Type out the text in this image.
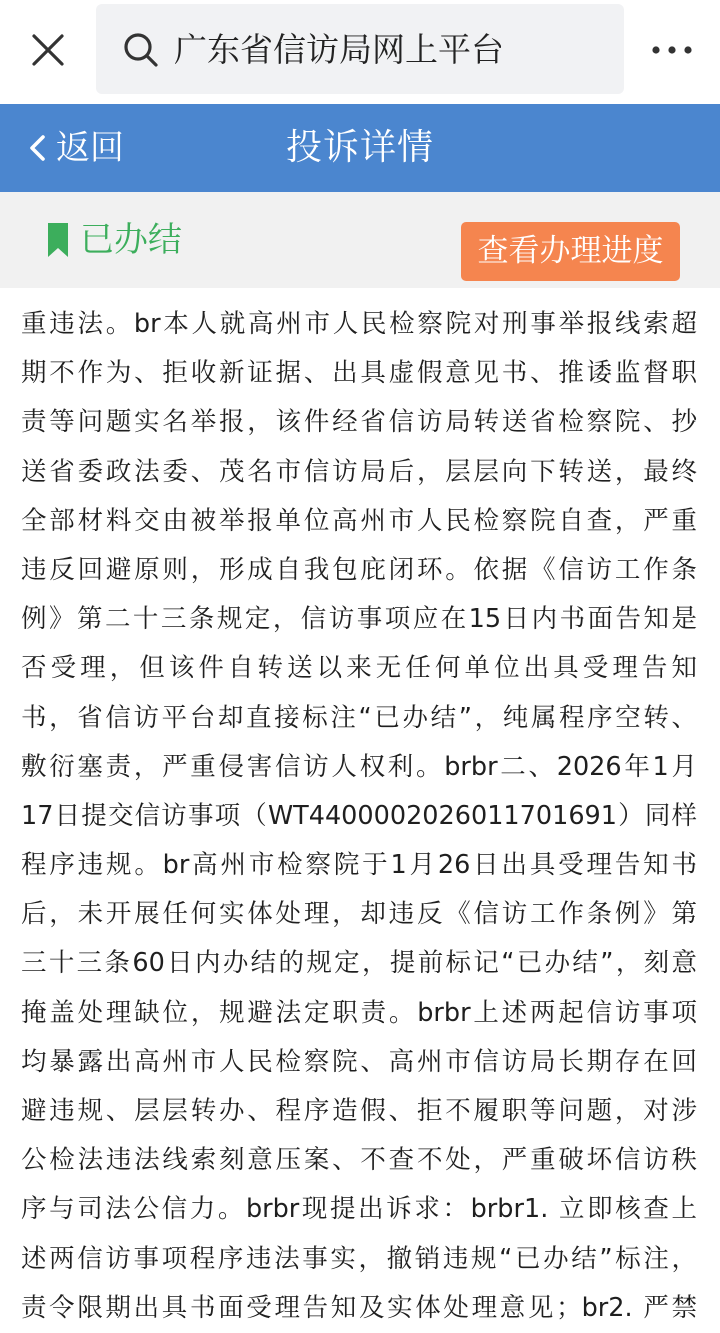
广东省信访局网上平台
返回	投诉详情
已办结	查看办理进度

重违法。br本人就高州市人民检察院对刑事举报线索超

期不作为、拒收新证据、出具虚假意见书、推诿监督职

责等问题实名举报，该件经省信访局转送省检察院、抄

送省委政法委、茂名市信访局后，层层向下转送，最终

全部材料交由被举报单位高州市人民检察院自查，严重

违反回避原则，形成自我包庇闭环。依据《信访工作条

例》第二十三条规定，信访事项应在15日内书面告知是

否受理，但该件自转送以来无任何单位出具受理告知

书，省信访平台却直接标注“已办结”，纯属程序空转、

敷衍塞责，严重侵害信访人权利。brbr二、2026年1月

17日提交信访事项（WT4400002026011701691）同样

程序违规。br高州市检察院于1月26日出具受理告知书

后，未开展任何实体处理，却违反《信访工作条例》第

三十三条60日内办结的规定，提前标记“已办结”，刻意

掩盖处理缺位，规避法定职责。brbr上述两起信访事项

均暴露出高州市人民检察院、高州市信访局长期存在回

避违规、层层转办、程序造假、拒不履职等问题，对涉

公检法违法线索刻意压案、不查不处，严重破坏信访秩

序与司法公信力。brbr现提出诉求：brbr1. 立即核查上

述两信访事项程序违法事实，撤销违规“已办结”标注，

责令限期出具书面受理告知及实体处理意见；br2. 严禁
